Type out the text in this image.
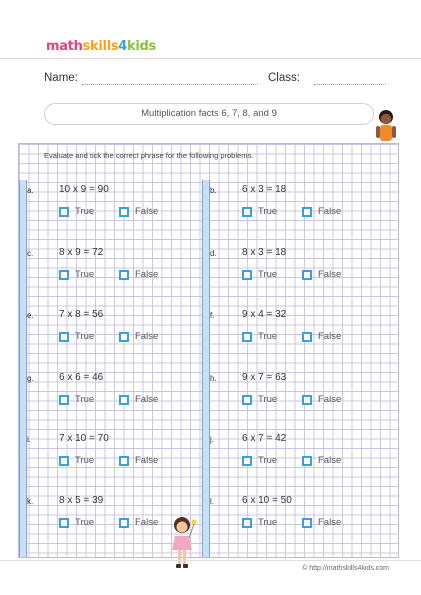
mathskills4kids
Name:	Class:
Multiplication facts 6, 7, 8, and 9
Evaluate and tick the correct phrase for the following problems.
a.	10 x 9 = 90
True	False
b.	6 x 3 = 18
True	False
c.	8 x 9 = 72
True	False
d.	8 x 3 = 18
True	False
e.	7 x 8 = 56
True	False
f.	9 x 4 = 32
True	False
g.	6 x 6 = 46
True	False
h.	9 x 7 = 63
True	False
i.	7 x 10 = 70
True	False
j.	6 x 7 = 42
True	False
k.	8 x 5 = 39
True	False
l.	6 x 10 = 50
True	False
© http://mathskills4kids.com
